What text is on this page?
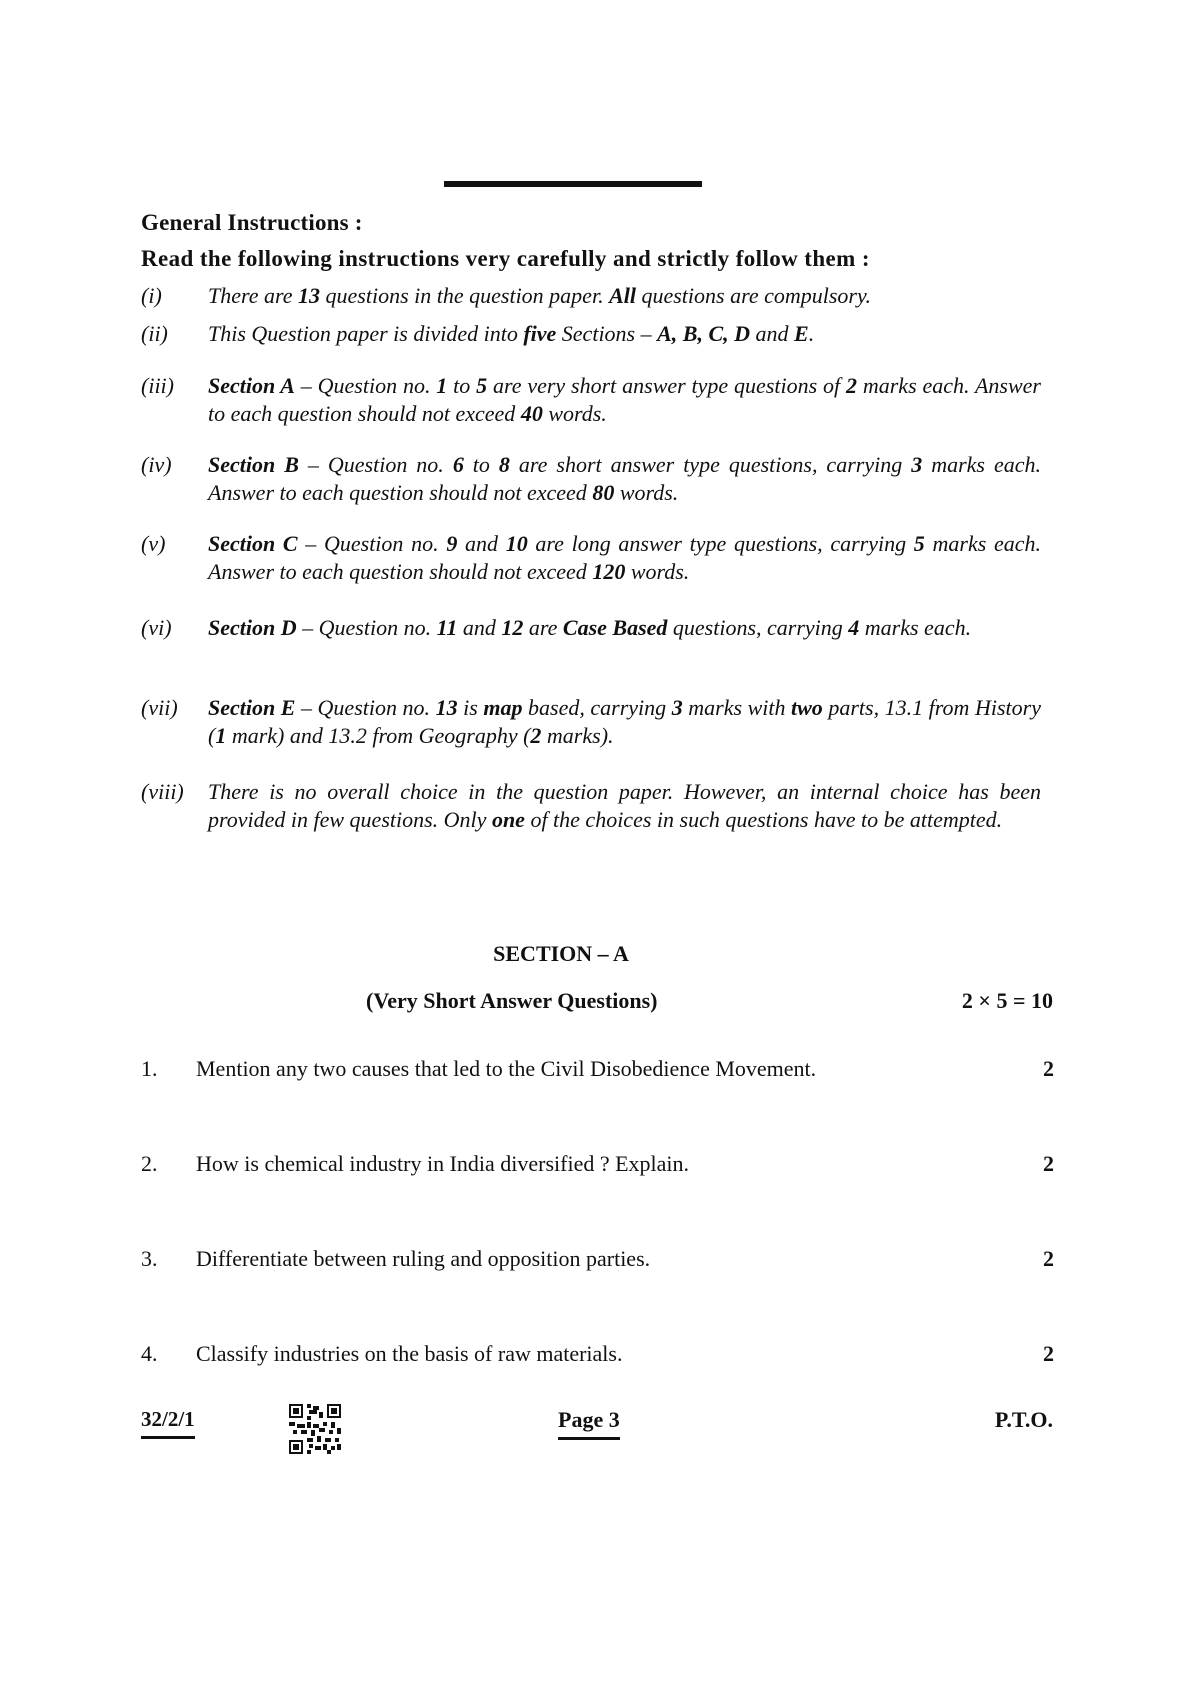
General Instructions :
Read the following instructions very carefully and strictly follow them :
(i)	There are 13 questions in the question paper. All questions are compulsory.
(ii)	This Question paper is divided into five Sections – A, B, C, D and E.
(iii)	Section A – Question no. 1 to 5 are very short answer type questions of 2 marks each. Answer to each question should not exceed 40 words.
(iv)	Section B – Question no. 6 to 8 are short answer type questions, carrying 3 marks each. Answer to each question should not exceed 80 words.
(v)	Section C – Question no. 9 and 10 are long answer type questions, carrying 5 marks each. Answer to each question should not exceed 120 words.
(vi)	Section D – Question no. 11 and 12 are Case Based questions, carrying 4 marks each.
(vii)	Section E – Question no. 13 is map based, carrying 3 marks with two parts, 13.1 from History (1 mark) and 13.2 from Geography (2 marks).
(viii)	There is no overall choice in the question paper. However, an internal choice has been provided in few questions. Only one of the choices in such questions have to be attempted.
SECTION – A
(Very Short Answer Questions)	2 × 5 = 10
1.	Mention any two causes that led to the Civil Disobedience Movement.	2
2.	How is chemical industry in India diversified ? Explain.	2
3.	Differentiate between ruling and opposition parties.	2
4.	Classify industries on the basis of raw materials.	2
32/2/1	Page 3	P.T.O.
